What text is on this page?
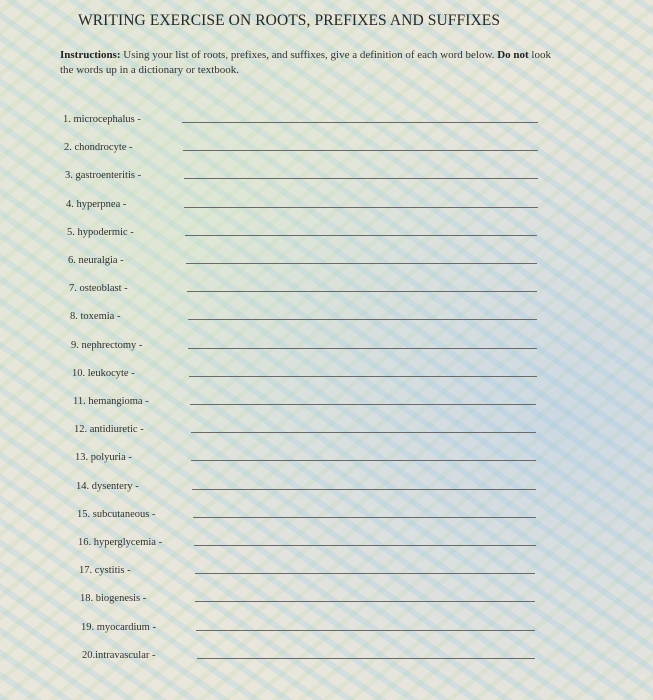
WRITING EXERCISE ON ROOTS, PREFIXES AND SUFFIXES
Instructions: Using your list of roots, prefixes, and suffixes, give a definition of each word below. Do not look the words up in a dictionary or textbook.
1. microcephalus -
2. chondrocyte -
3. gastroenteritis -
4. hyperpnea -
5. hypodermic -
6. neuralgia -
7. osteoblast -
8. toxemia -
9. nephrectomy -
10. leukocyte -
11. hemangioma -
12. antidiuretic -
13. polyuria -
14. dysentery -
15. subcutaneous -
16. hyperglycemia -
17. cystitis -
18. biogenesis -
19. myocardium -
20.intravascular -
